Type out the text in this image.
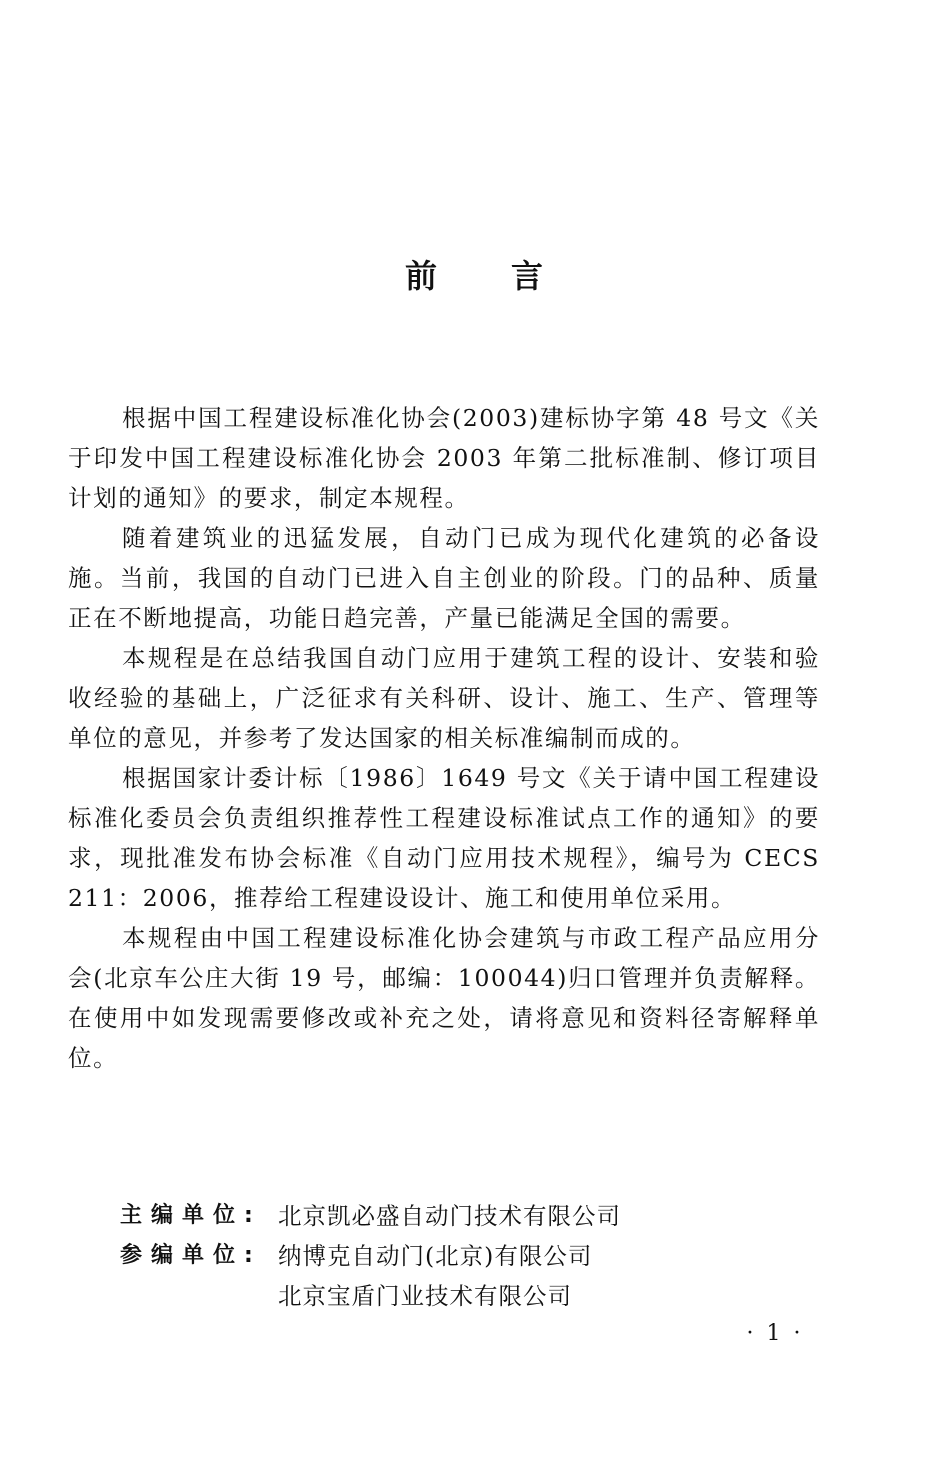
前 言

根据中国工程建设标准化协会(2003)建标协字第 48 号文《关于印发中国工程建设标准化协会 2003 年第二批标准制、修订项目计划的通知》的要求，制定本规程。

随着建筑业的迅猛发展，自动门已成为现代化建筑的必备设施。当前，我国的自动门已进入自主创业的阶段。门的品种、质量正在不断地提高，功能日趋完善，产量已能满足全国的需要。

本规程是在总结我国自动门应用于建筑工程的设计、安装和验收经验的基础上，广泛征求有关科研、设计、施工、生产、管理等单位的意见，并参考了发达国家的相关标准编制而成的。

根据国家计委计标〔1986〕1649 号文《关于请中国工程建设标准化委员会负责组织推荐性工程建设标准试点工作的通知》的要求，现批准发布协会标准《自动门应用技术规程》，编号为 CECS 211：2006，推荐给工程建设设计、施工和使用单位采用。

本规程由中国工程建设标准化协会建筑与市政工程产品应用分会(北京车公庄大街 19 号，邮编：100044)归口管理并负责解释。在使用中如发现需要修改或补充之处，请将意见和资料径寄解释单位。

主编单位: 北京凯必盛自动门技术有限公司
参编单位: 纳博克自动门(北京)有限公司
北京宝盾门业技术有限公司
· 1 ·
